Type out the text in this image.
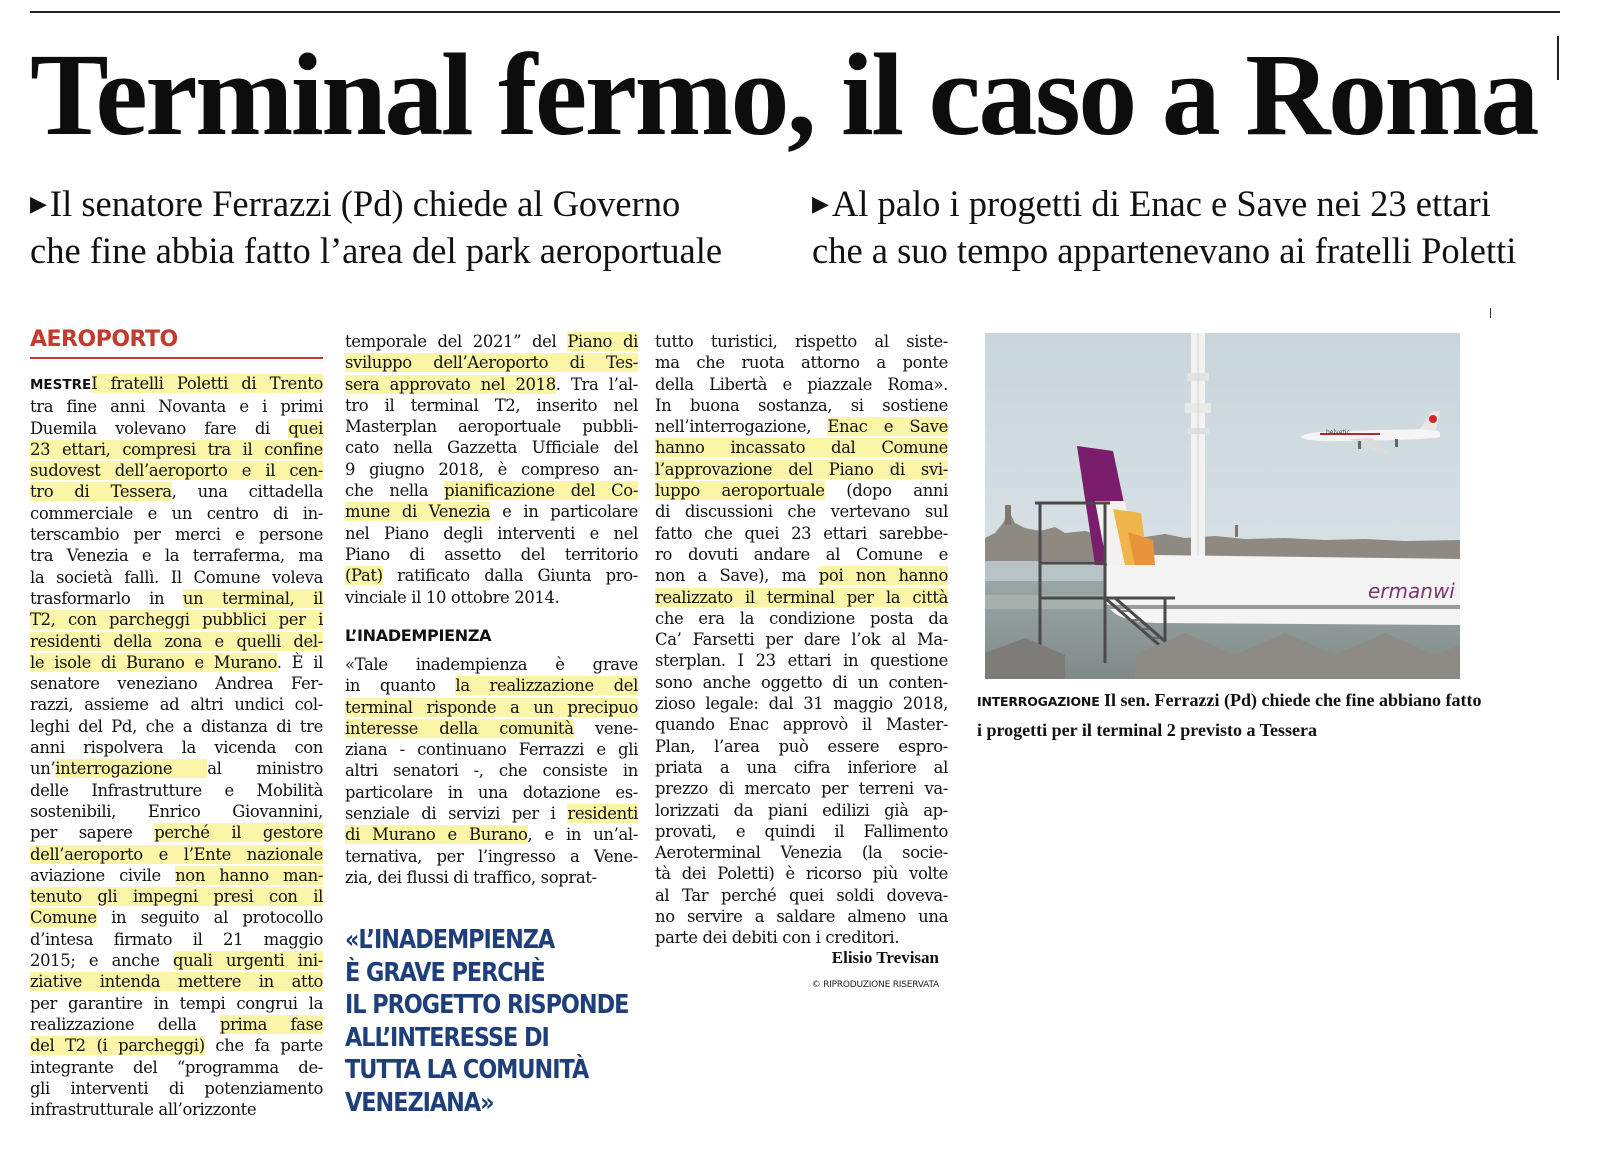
Terminal fermo, il caso a Roma
▶Il senatore Ferrazzi (Pd) chiede al Governo
che fine abbia fatto l’area del park aeroportuale
▶Al palo i progetti di Enac e Save nei 23 ettari
che a suo tempo appartenevano ai fratelli Poletti
AEROPORTO
MESTREI fratelli Poletti di Trento
tra fine anni Novanta e i primi
Duemila volevano fare di quei
23 ettari, compresi tra il confine
sudovest dell’aeroporto e il cen-
tro di Tessera, una cittadella
commerciale e un centro di in-
terscambio per merci e persone
tra Venezia e la terraferma, ma
la società fallì. Il Comune voleva
trasformarlo in un terminal, il
T2, con parcheggi pubblici per i
residenti della zona e quelli del-
le isole di Burano e Murano. È il
senatore veneziano Andrea Fer-
razzi, assieme ad altri undici col-
leghi del Pd, che a distanza di tre
anni rispolvera la vicenda con
un’interrogazione al ministro
delle Infrastrutture e Mobilità
sostenibili, Enrico Giovannini,
per sapere perché il gestore
dell’aeroporto e l’Ente nazionale
aviazione civile non hanno man-
tenuto gli impegni presi con il
Comune in seguito al protocollo
d’intesa firmato il 21 maggio
2015; e anche quali urgenti ini-
ziative intenda mettere in atto
per garantire in tempi congrui la
realizzazione della prima fase
del T2 (i parcheggi) che fa parte
integrante del “programma de-
gli interventi di potenziamento
infrastrutturale all’orizzonte
temporale del 2021” del Piano di
sviluppo dell’Aeroporto di Tes-
sera approvato nel 2018. Tra l’al-
tro il terminal T2, inserito nel
Masterplan aeroportuale pubbli-
cato nella Gazzetta Ufficiale del
9 giugno 2018, è compreso an-
che nella pianificazione del Co-
mune di Venezia e in particolare
nel Piano degli interventi e nel
Piano di assetto del territorio
(Pat) ratificato dalla Giunta pro-
vinciale il 10 ottobre 2014.
L’INADEMPIENZA
«Tale inadempienza è grave
in quanto la realizzazione del
terminal risponde a un precipuo
interesse della comunità vene-
ziana - continuano Ferrazzi e gli
altri senatori -, che consiste in
particolare in una dotazione es-
senziale di servizi per i residenti
di Murano e Burano, e in un’al-
ternativa, per l’ingresso a Vene-
zia, dei flussi di traffico, soprat-
tutto turistici, rispetto al siste-
ma che ruota attorno a ponte
della Libertà e piazzale Roma».
In buona sostanza, si sostiene
nell’interrogazione, Enac e Save
hanno incassato dal Comune
l’approvazione del Piano di svi-
luppo aeroportuale (dopo anni
di discussioni che vertevano sul
fatto che quei 23 ettari sarebbe-
ro dovuti andare al Comune e
non a Save), ma poi non hanno
realizzato il terminal per la città
che era la condizione posta da
Ca’ Farsetti per dare l’ok al Ma-
sterplan. I 23 ettari in questione
sono anche oggetto di un conten-
zioso legale: dal 31 maggio 2018,
quando Enac approvò il Master-
Plan, l’area può essere espro-
priata a una cifra inferiore al
prezzo di mercato per terreni va-
lorizzati da piani edilizi già ap-
provati, e quindi il Fallimento
Aeroterminal Venezia (la socie-
tà dei Poletti) è ricorso più volte
al Tar perché quei soldi doveva-
no servire a saldare almeno una
parte dei debiti con i creditori.
«L’INADEMPIENZA
È GRAVE PERCHÈ
IL PROGETTO RISPONDE
ALL’INTERESSE DI
TUTTA LA COMUNITÀ
VENEZIANA»
Elisio Trevisan
© RIPRODUZIONE RISERVATA
helvetic
ermanwi
INTERROGAZIONE Il sen. Ferrazzi (Pd) chiede che fine abbiano fatto
i progetti per il terminal 2 previsto a Tessera
